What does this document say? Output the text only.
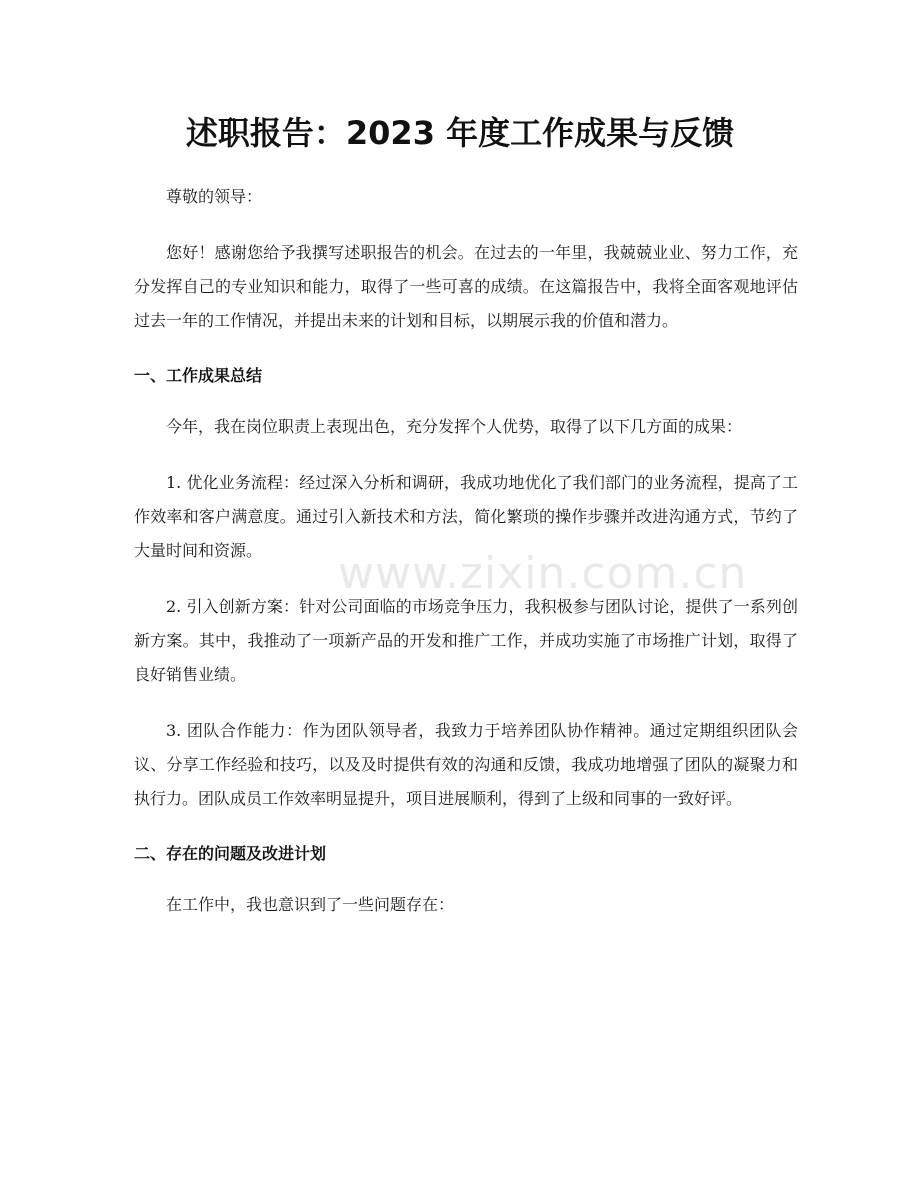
www.zixin.com.cn
述职报告：2023 年度工作成果与反馈

尊敬的领导：

您好！感谢您给予我撰写述职报告的机会。在过去的一年里，我兢兢业业、努力工作，充分发挥自己的专业知识和能力，取得了一些可喜的成绩。在这篇报告中，我将全面客观地评估过去一年的工作情况，并提出未来的计划和目标，以期展示我的价值和潜力。

一、工作成果总结

今年，我在岗位职责上表现出色，充分发挥个人优势，取得了以下几方面的成果：

1. 优化业务流程：经过深入分析和调研，我成功地优化了我们部门的业务流程，提高了工作效率和客户满意度。通过引入新技术和方法，简化繁琐的操作步骤并改进沟通方式，节约了大量时间和资源。

2. 引入创新方案：针对公司面临的市场竞争压力，我积极参与团队讨论，提供了一系列创新方案。其中，我推动了一项新产品的开发和推广工作，并成功实施了市场推广计划，取得了良好销售业绩。

3. 团队合作能力：作为团队领导者，我致力于培养团队协作精神。通过定期组织团队会议、分享工作经验和技巧，以及及时提供有效的沟通和反馈，我成功地增强了团队的凝聚力和执行力。团队成员工作效率明显提升，项目进展顺利，得到了上级和同事的一致好评。

二、存在的问题及改进计划

在工作中，我也意识到了一些问题存在：
